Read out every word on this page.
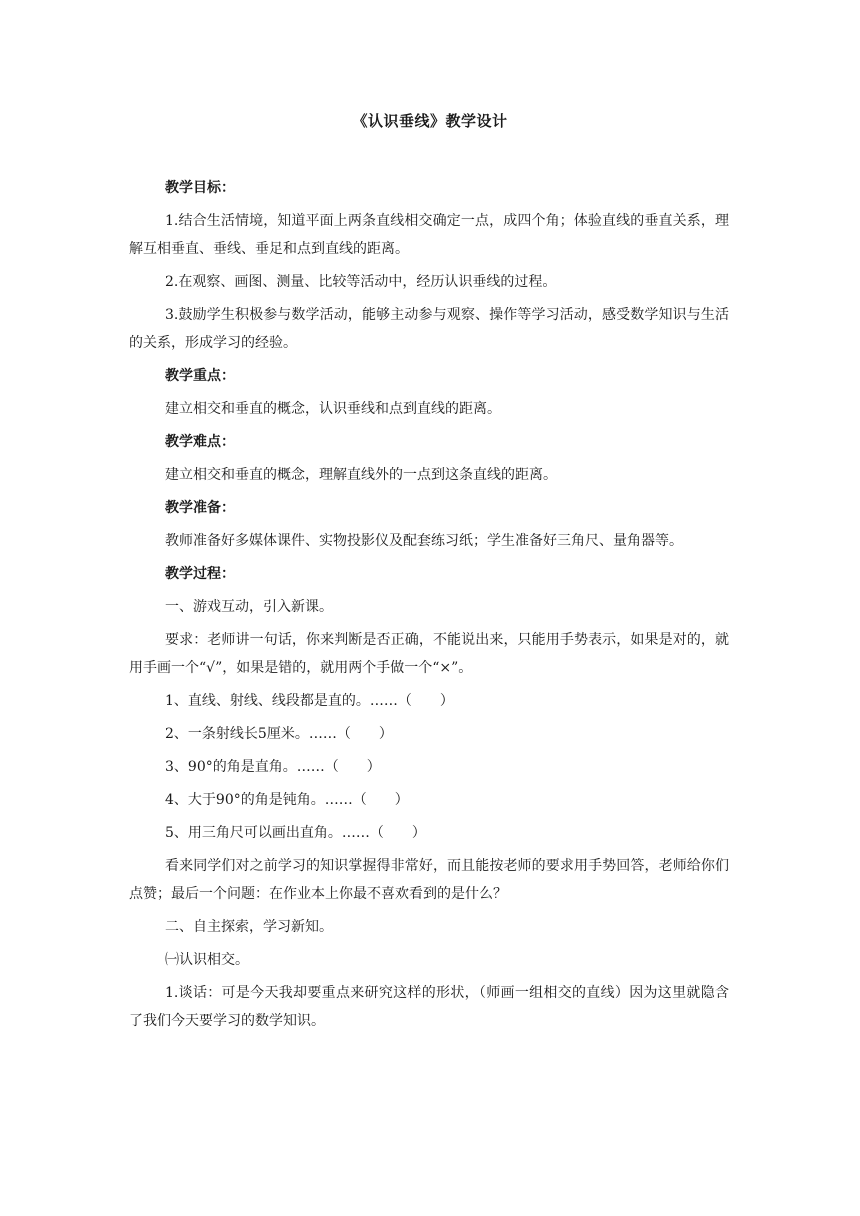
《认识垂线》教学设计

教学目标：

1.结合生活情境，知道平面上两条直线相交确定一点，成四个角；体验直线的垂直关系，理解互相垂直、垂线、垂足和点到直线的距离。

2.在观察、画图、测量、比较等活动中，经历认识垂线的过程。

3.鼓励学生积极参与数学活动，能够主动参与观察、操作等学习活动，感受数学知识与生活的关系，形成学习的经验。

教学重点：

建立相交和垂直的概念，认识垂线和点到直线的距离。

教学难点：

建立相交和垂直的概念，理解直线外的一点到这条直线的距离。

教学准备：

教师准备好多媒体课件、实物投影仪及配套练习纸；学生准备好三角尺、量角器等。

教学过程：

一、游戏互动，引入新课。

要求：老师讲一句话，你来判断是否正确，不能说出来，只能用手势表示，如果是对的，就用手画一个“√”，如果是错的，就用两个手做一个“×”。

1、直线、射线、线段都是直的。……（　　）

2、一条射线长5厘米。……（　　）

3、90°的角是直角。……（　　）

4、大于90°的角是钝角。……（　　）

5、用三角尺可以画出直角。……（　　）

看来同学们对之前学习的知识掌握得非常好，而且能按老师的要求用手势回答，老师给你们点赞；最后一个问题：在作业本上你最不喜欢看到的是什么？

二、自主探索，学习新知。

㈠认识相交。

1.谈话：可是今天我却要重点来研究这样的形状，（师画一组相交的直线）因为这里就隐含了我们今天要学习的数学知识。
